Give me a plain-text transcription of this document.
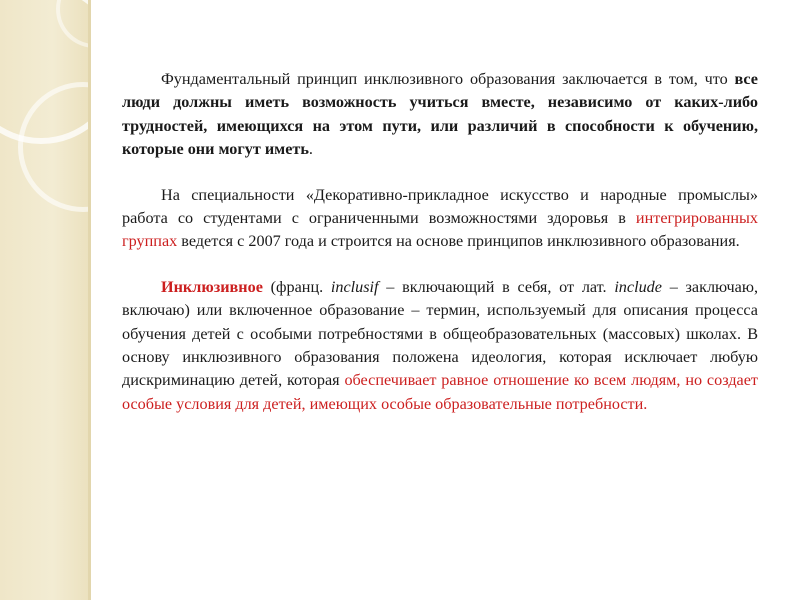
Фундаментальный принцип инклюзивного образования заключается в том, что все люди должны иметь возможность учиться вместе, независимо от каких-либо трудностей, имеющихся на этом пути, или различий в способности к обучению, которые они могут иметь.

На специальности «Декоративно-прикладное искусство и народные промыслы» работа со студентами с ограниченными возможностями здоровья в интегрированных группах ведется с 2007 года и строится на основе принципов инклюзивного образования.

Инклюзивное (франц. inclusif – включающий в себя, от лат. include – заключаю, включаю) или включенное образование – термин, используемый для описания процесса обучения детей с особыми потребностями в общеобразовательных (массовых) школах. В основу инклюзивного образования положена идеология, которая исключает любую дискриминацию детей, которая обеспечивает равное отношение ко всем людям, но создает особые условия для детей, имеющих особые образовательные потребности.
